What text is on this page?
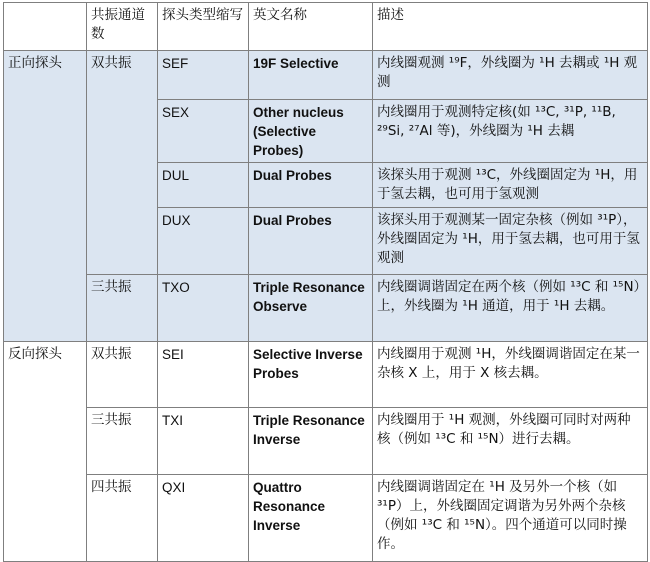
	共振通道数	探头类型缩写	英文名称	描述
正向探头	双共振	SEF	19F Selective	内线圈观测 ¹⁹F，外线圈为 ¹H 去耦或 ¹H 观测
		SEX	Other nucleus (Selective Probes)	内线圈用于观测特定核(如 ¹³C, ³¹P, ¹¹B, ²⁹Si, ²⁷Al 等)，外线圈为 ¹H 去耦
		DUL	Dual Probes	该探头用于观测 ¹³C，外线圈固定为 ¹H，用于氢去耦，也可用于氢观测
		DUX	Dual Probes	该探头用于观测某一固定杂核（例如 ³¹P），外线圈固定为 ¹H，用于氢去耦，也可用于氢观测
	三共振	TXO	Triple Resonance Observe	内线圈调谐固定在两个核（例如 ¹³C 和 ¹⁵N）上，外线圈为 ¹H 通道，用于 ¹H 去耦。
反向探头	双共振	SEI	Selective Inverse Probes	内线圈用于观测 ¹H，外线圈调谐固定在某一杂核 X 上，用于 X 核去耦。
	三共振	TXI	Triple Resonance Inverse	内线圈用于 ¹H 观测，外线圈可同时对两种核（例如 ¹³C 和 ¹⁵N）进行去耦。
	四共振	QXI	Quattro Resonance Inverse	内线圈调谐固定在 ¹H 及另外一个核（如 ³¹P）上，外线圈固定调谐为另外两个杂核（例如 ¹³C 和 ¹⁵N）。四个通道可以同时操作。
